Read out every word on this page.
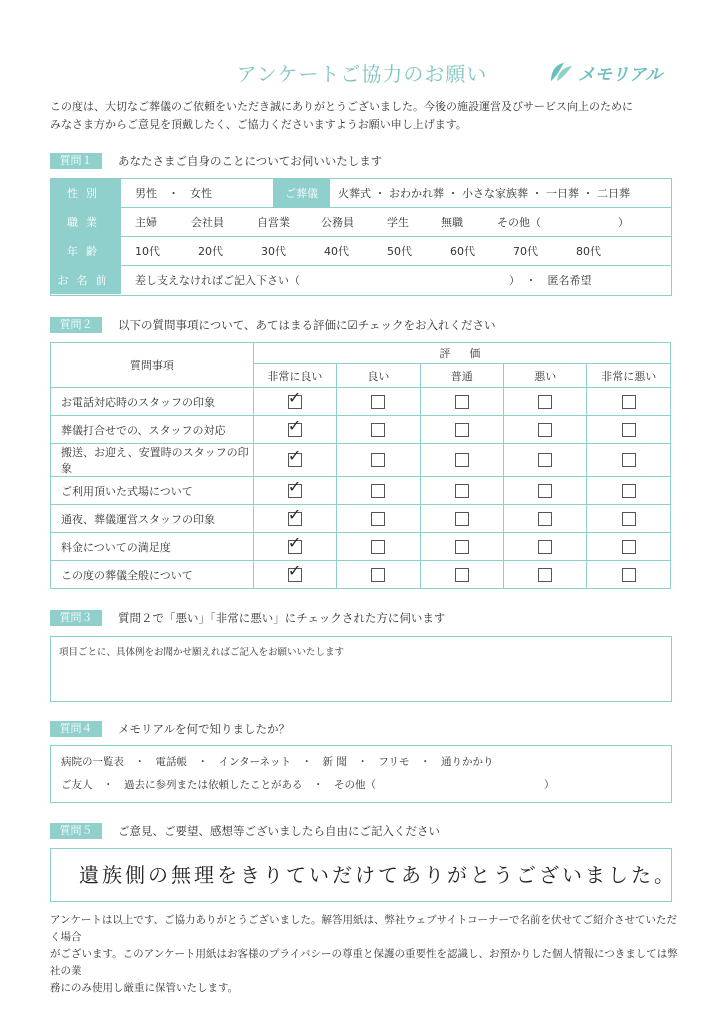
アンケートご協力のお願い	メモリアル
この度は、大切なご葬儀のご依頼をいただき誠にありがとうございました。今後の施設運営及びサービス向上のために
みなさま方からご意見を頂戴したく、ご協力くださいますようお願い申し上げます。
質問１	あなたさまご自身のことについてお伺いいたします
性別	男性　・　女性	ご葬儀	火葬式 ・ おわかれ葬 ・ 小さな家族葬 ・ 一日葬 ・ 二日葬
職業	主婦	会社員	自営業	公務員	学生	無職	その他（　　　　　　　）
年齢	10代	20代	30代	40代	50代	60代	70代	80代
お名前	差し支えなければご記入下さい（　　　　　　　　　　　　　　　　　　　）　・　匿名希望
質問２	以下の質問事項について、あてはまる評価に☑チェックをお入れください
質問事項	評　価				
	非常に良い	良い	普通	悪い	非常に悪い
お電話対応時のスタッフの印象	✓				

葬儀打合せでの、スタッフの対応	✓				

搬送、お迎え、安置時のスタッフの印象	✓				

ご利用頂いた式場について	✓				

通夜、葬儀運営スタッフの印象	✓				

料金についての満足度	✓				

この度の葬儀全般について	✓				

質問３	質問２で「悪い」「非常に悪い」にチェックされた方に伺います
項目ごとに、具体例をお聞かせ願えればご記入をお願いいたします
質問４	メモリアルを何で知りましたか？
病院の一覧表　・　電話帳　・　インターネット　・　新 聞　・　フリモ　・　通りかかり
ご友人　・　過去に参列または依頼したことがある　・　その他（　　　　　　　　　　　　　　　　）
質問５	ご意見、ご要望、感想等ございましたら自由にご記入ください
遺族側の無理をきりていだけてありがとうございました。
アンケートは以上です、ご協力ありがとうございました。解答用紙は、弊社ウェブサイトコーナーで名前を伏せてご紹介させていただく場合
がございます。このアンケート用紙はお客様のプライバシーの尊重と保護の重要性を認識し、お預かりした個人情報につきましては弊社の業
務にのみ使用し厳重に保管いたします。
